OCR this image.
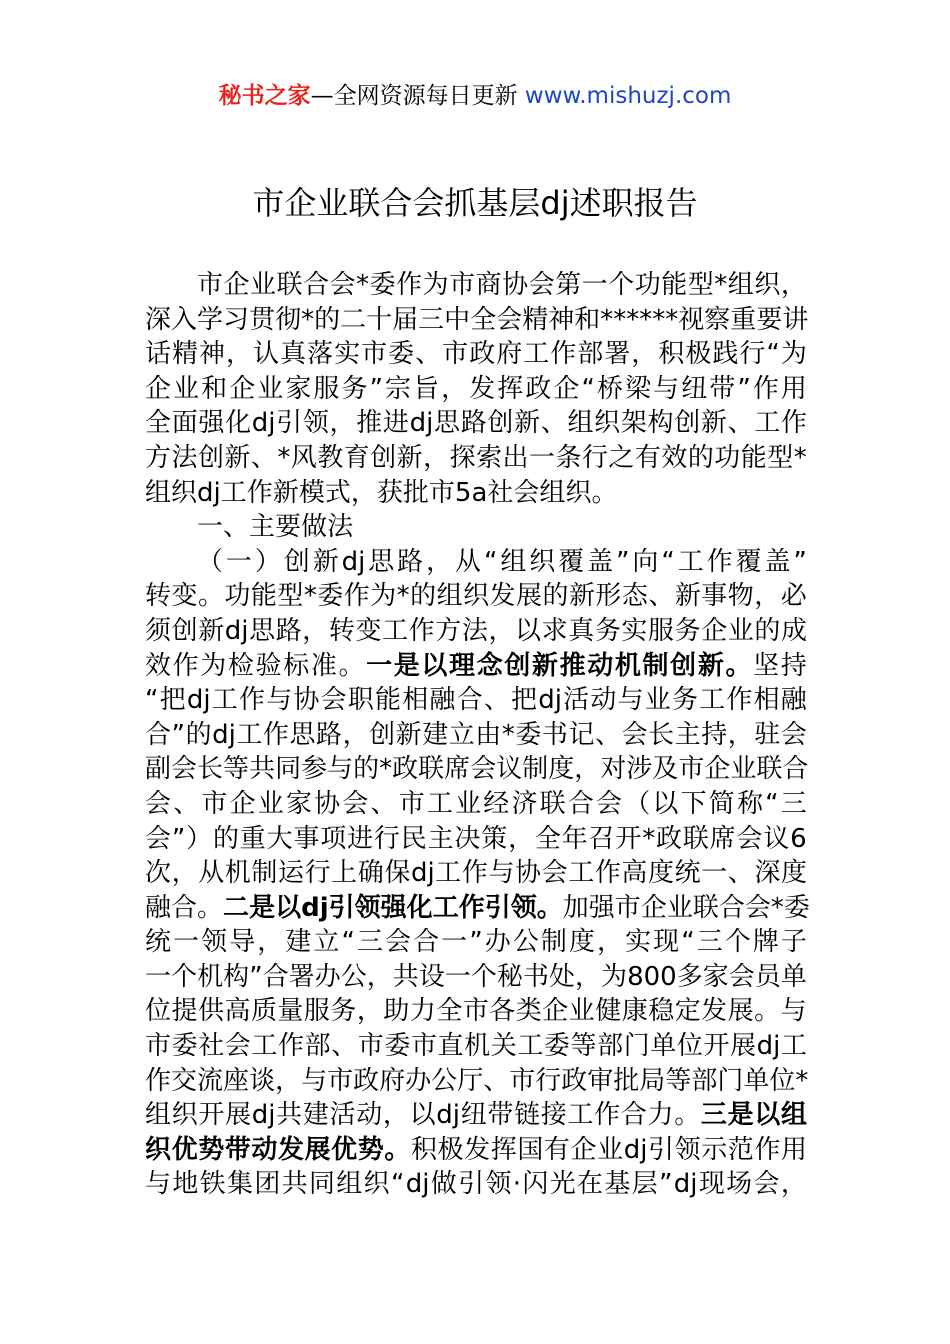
秘书之家—全网资源每日更新 www.mishuzj.com
市企业联合会抓基层dj述职报告
市 企 业 联 合 会 * 委 作 为 市 商 协 会 第 一 个 功 能 型 * 组 织 ，
深 入 学 习 贯 彻 * 的 二 十 届 三 中 全 会 精 神 和 * * * * * * 视 察 重 要 讲
话 精 神 ， 认 真 落 实 市 委 、 市 政 府 工 作 部 署 ， 积 极 践 行 “ 为
企 业 和 企 业 家 服 务 ” 宗 旨 ， 发 挥 政 企 “ 桥 梁 与 纽 带 ” 作 用
全 面 强 化 dj 引 领 ， 推 进 dj 思 路 创 新 、 组 织 架 构 创 新 、 工 作
方 法 创 新 、 * 风 教 育 创 新 ， 探 索 出 一 条 行 之 有 效 的 功 能 型 *
组 织 dj 工 作 新 模 式 ， 获 批 市 5a 社 会 组 织 。
一 、 主 要 做 法
（ 一 ） 创 新 dj 思 路 ， 从 “ 组 织 覆 盖 ” 向 “ 工 作 覆 盖 ”
转 变 。 功 能 型 * 委 作 为 * 的 组 织 发 展 的 新 形 态 、 新 事 物 ， 必
须 创 新 dj 思 路 ， 转 变 工 作 方 法 ， 以 求 真 务 实 服 务 企 业 的 成
效 作 为 检 验 标 准 。 一 是 以 理 念 创 新 推 动 机 制 创 新 。 坚 持
“ 把 dj 工 作 与 协 会 职 能 相 融 合 、 把 dj 活 动 与 业 务 工 作 相 融
合 ” 的 dj 工 作 思 路 ， 创 新 建 立 由 * 委 书 记 、 会 长 主 持 ， 驻 会
副 会 长 等 共 同 参 与 的 * 政 联 席 会 议 制 度 ， 对 涉 及 市 企 业 联 合
会 、 市 企 业 家 协 会 、 市 工 业 经 济 联 合 会 （ 以 下 简 称 “ 三
会 ” ） 的 重 大 事 项 进 行 民 主 决 策 ， 全 年 召 开 * 政 联 席 会 议 6
次 ， 从 机 制 运 行 上 确 保 dj 工 作 与 协 会 工 作 高 度 统 一 、 深 度
融 合 。 二 是 以 dj 引 领 强 化 工 作 引 领 。 加 强 市 企 业 联 合 会 * 委
统 一 领 导 ， 建 立 “ 三 会 合 一 ” 办 公 制 度 ， 实 现 “ 三 个 牌 子
一 个 机 构 ” 合 署 办 公 ， 共 设 一 个 秘 书 处 ， 为 800 多 家 会 员 单
位 提 供 高 质 量 服 务 ， 助 力 全 市 各 类 企 业 健 康 稳 定 发 展 。 与
市 委 社 会 工 作 部 、 市 委 市 直 机 关 工 委 等 部 门 单 位 开 展 dj 工
作 交 流 座 谈 ， 与 市 政 府 办 公 厅 、 市 行 政 审 批 局 等 部 门 单 位 *
组 织 开 展 dj 共 建 活 动 ， 以 dj 纽 带 链 接 工 作 合 力 。 三 是 以 组
织 优 势 带 动 发 展 优 势 。 积 极 发 挥 国 有 企 业 dj 引 领 示 范 作 用
与 地 铁 集 团 共 同 组 织 “ dj 做 引 领 · 闪 光 在 基 层 ” dj 现 场 会 ，
